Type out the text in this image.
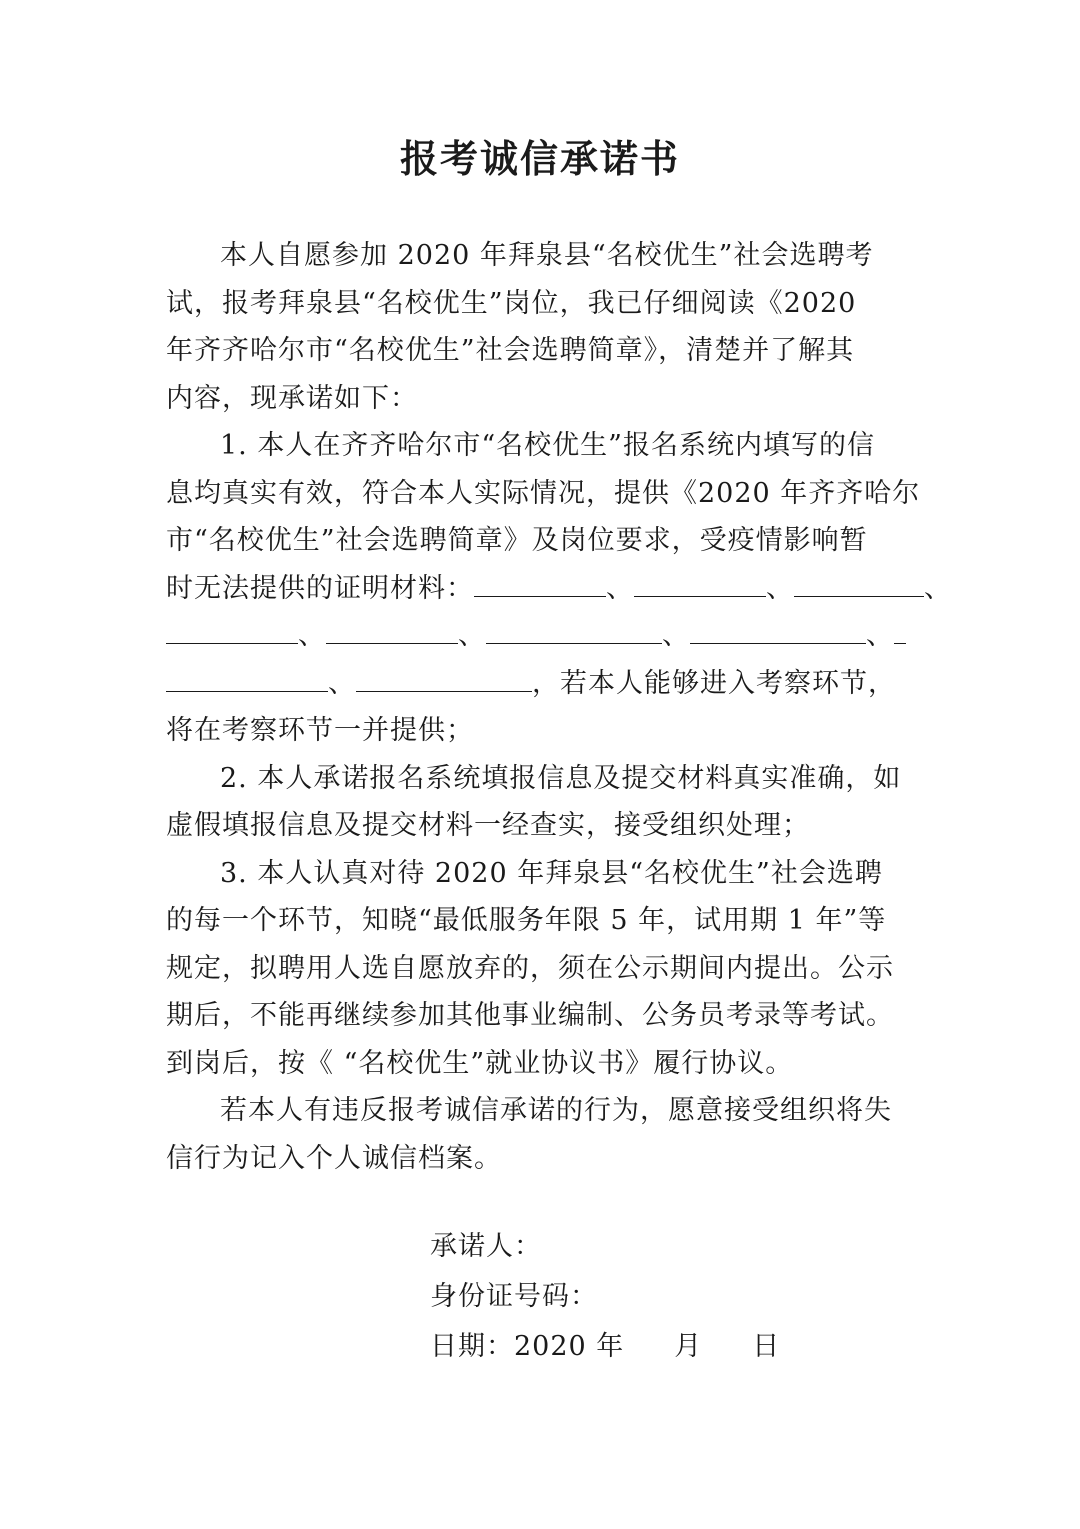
报考诚信承诺书
本人自愿参加 2020 年拜泉县“名校优生”社会选聘考
试，报考拜泉县“名校优生”岗位，我已仔细阅读《2020
年齐齐哈尔市“名校优生”社会选聘简章》，清楚并了解其
内容，现承诺如下：
1. 本人在齐齐哈尔市“名校优生”报名系统内填写的信
息均真实有效，符合本人实际情况，提供《2020 年齐齐哈尔
市“名校优生”社会选聘简章》及岗位要求，受疫情影响暂
时无法提供的证明材料：	、	、	、
、	、	、	、
、	，若本人能够进入考察环节，
将在考察环节一并提供；
2. 本人承诺报名系统填报信息及提交材料真实准确，如
虚假填报信息及提交材料一经查实，接受组织处理；
3. 本人认真对待 2020 年拜泉县“名校优生”社会选聘
的每一个环节，知晓“最低服务年限 5 年，试用期 1 年”等
规定，拟聘用人选自愿放弃的，须在公示期间内提出。公示
期后，不能再继续参加其他事业编制、公务员考录等考试。
到岗后，按《 “名校优生”就业协议书》履行协议。
若本人有违反报考诚信承诺的行为，愿意接受组织将失
信行为记入个人诚信档案。
承诺人：
身份证号码：
日期：2020 年 月 日
